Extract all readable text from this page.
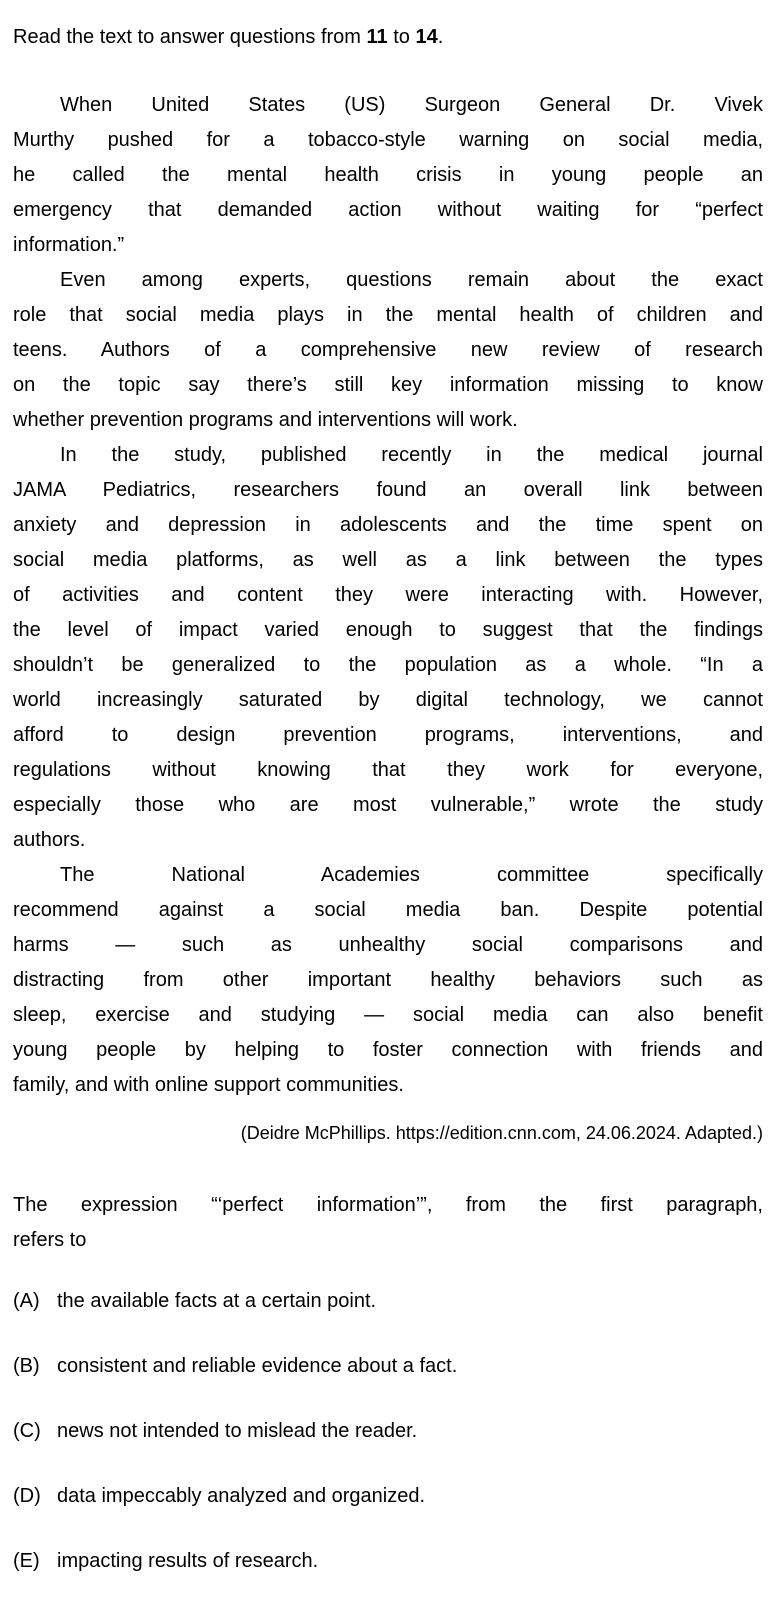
Read the text to answer questions from 11 to 14.
When United States (US) Surgeon General Dr. Vivek
Murthy pushed for a tobacco-style warning on social media,
he called the mental health crisis in young people an
emergency that demanded action without waiting for “perfect
information.”
Even among experts, questions remain about the exact
role that social media plays in the mental health of children and
teens. Authors of a comprehensive new review of research
on the topic say there’s still key information missing to know
whether prevention programs and interventions will work.
In the study, published recently in the medical journal
JAMA Pediatrics, researchers found an overall link between
anxiety and depression in adolescents and the time spent on
social media platforms, as well as a link between the types
of activities and content they were interacting with. However,
the level of impact varied enough to suggest that the findings
shouldn’t be generalized to the population as a whole. “In a
world increasingly saturated by digital technology, we cannot
afford to design prevention programs, interventions, and
regulations without knowing that they work for everyone,
especially those who are most vulnerable,” wrote the study
authors.
The National Academies committee specifically
recommend against a social media ban. Despite potential
harms — such as unhealthy social comparisons and
distracting from other important healthy behaviors such as
sleep, exercise and studying — social media can also benefit
young people by helping to foster connection with friends and
family, and with online support communities.
(Deidre McPhillips. https://edition.cnn.com, 24.06.2024. Adapted.)
The expression “‘perfect information’”, from the first paragraph,
refers to
(A) the available facts at a certain point.
(B) consistent and reliable evidence about a fact.
(C) news not intended to mislead the reader.
(D) data impeccably analyzed and organized.
(E) impacting results of research.
